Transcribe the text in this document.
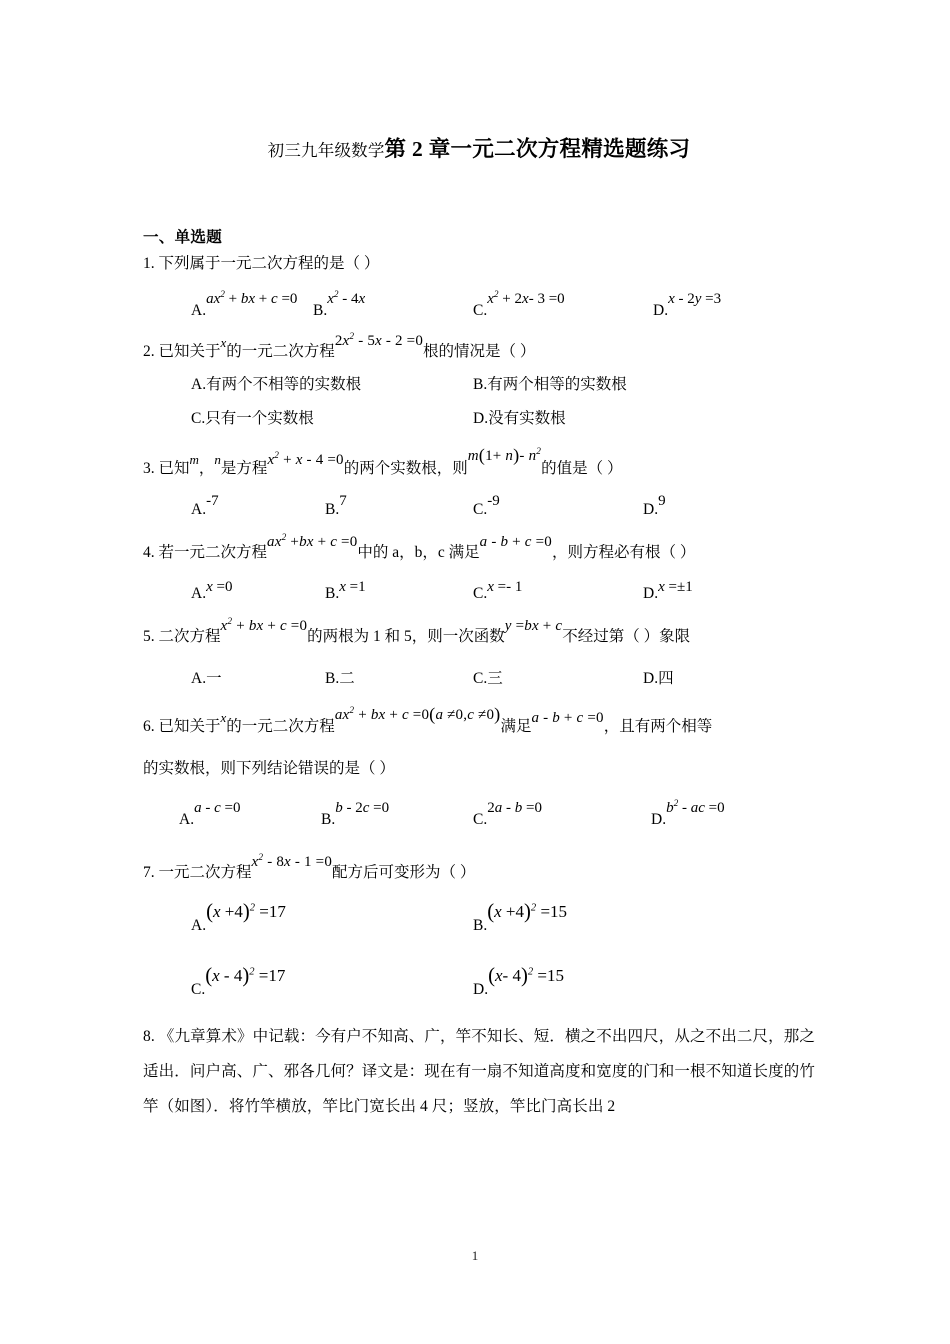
初三九年级数学第 2 章一元二次方程精选题练习
一、单选题
1. 下列属于一元二次方程的是（ ）
$A.ax^2$ + bx + c =0
$B.x^2 - 4x$
$C.x^2 + 2x-$ 3 =0
D.x - 2y =3
2. 已知关于$^x$的一元二次方程$2x^2 - 5x - 2 =0$根的情况是（ ）
A.有两个不相等的实数根	B.有两个相等的实数根
C.只有一个实数根	D.没有实数根
3. 已知$^m$，$^n$是方程$x^2 + x - 4 =0$的两个实数根，则m(1+ n)- $n^2$的值是（ ）
A.-7	B.7	C.-9	D.9
4. 若一元二次方程$ax^2 +bx + c =0$中的 a，b，c 满足a - b + c =0，则方程必有根（ ）
A.x =0	B.x =1	C.x =- 1	D.x =±1
5. 二次方程$x^2$ + bx + c =0的两根为 1 和 5，则一次函数y =bx + c不经过第（ ）象限
A.一	B.二	C.三	D.四
6. 已知关于$^x$的一元二次方程$ax^2$ + bx + c =0(a ≠0,c ≠0)满足a - b + c =0，且有两个相等
的实数根，则下列结论错误的是（ ）
A.a - c =0
B.b - 2c =0
C.2a - b =0
$D.b^2$ - ac =0
7. 一元二次方程$x^2 - 8x - 1 =0$配方后可变形为（ ）
$A.(x +4)^2 =17$
$B.(x +4)^2 =15$
C.(x - 4)$^2$ =17
D.(x- 4)$^2$ =15
8. 《九章算术》中记载：今有户不知高、广，竿不知长、短．横之不出四尺，从之不出二尺，那之适出．问户高、广、邪各几何？译文是：现在有一扇不知道高度和宽度的门和一根不知道长度的竹竿（如图）．将竹竿横放，竿比门宽长出 4 尺；竖放，竿比门高长出 2
1
